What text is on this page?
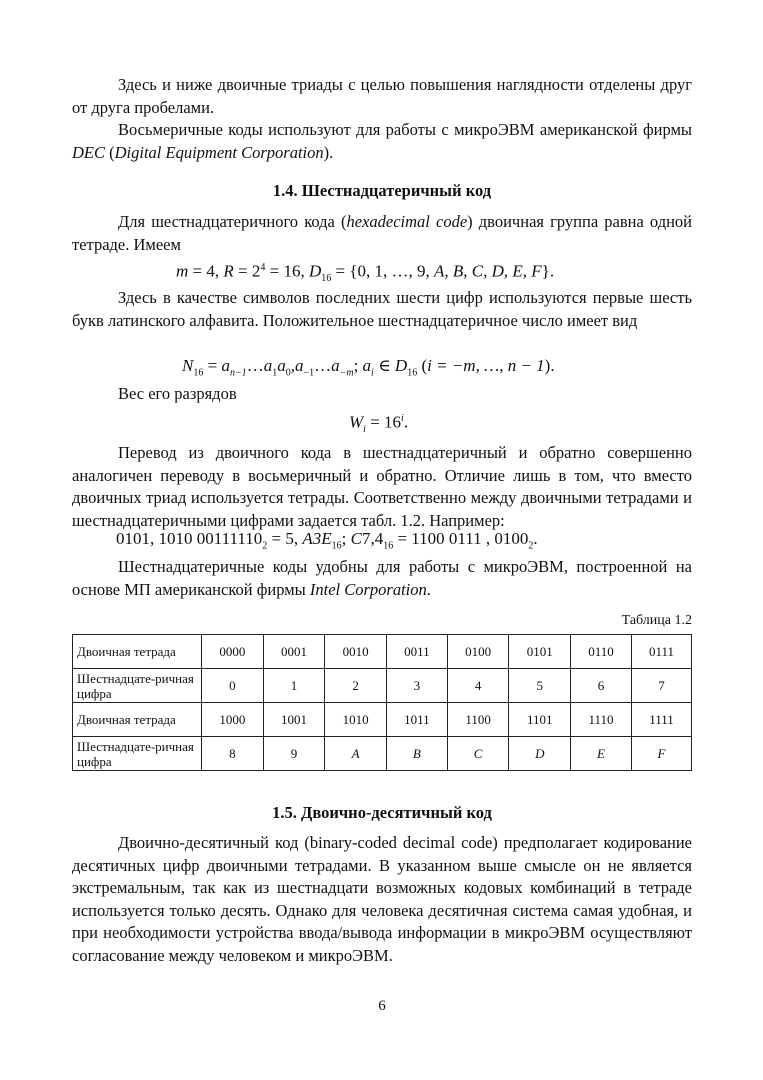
Здесь и ниже двоичные триады с целью повышения наглядности отделены друг от друга пробелами.

Восьмеричные коды используют для работы с микроЭВМ американской фирмы DEC (Digital Equipment Corporation).

1.4. Шестнадцатеричный код

Для шестнадцатеричного кода (hexadecimal code) двоичная группа равна одной тетраде. Имеем

m = 4, $R = 2^4 = 16$, $D_{16} = \{0$, 1, …, 9, A, B, C, D, E, F}.

Здесь в качестве символов последних шести цифр используются первые шесть букв латинского алфавита. Положительное шестнадцатеричное число имеет вид

$N_{16}$ = $a_{n-1}\dots a_1a_0,a_{-1}\dots a_{-m}$; $a_i$ ∈ $D_{16}$ (i = −m, …, n − 1).

Вес его разрядов

$W_i = 16^i$.

Перевод из двоичного кода в шестнадцатеричный и обратно совершенно аналогичен переводу в восьмеричный и обратно. Отличие лишь в том, что вместо двоичных триад используется тетрады. Соответственно между двоичными тетрадами и шестнадцатеричными цифрами задается табл. 1.2. Например:

0101, 1010 $00111110_2 = 5$, $A3E_{16}$; $C7,4_{16} = 1100$ 0111 , $0100_2$.

Шестнадцатеричные коды удобны для работы с микроЭВМ, построенной на основе МП американской фирмы Intel Corporation.

Таблица 1.2

Двоичная тетрада	0000	0001	0010	0011	0100	0101	0110	0111
Шестнадцате-ричная цифра	0	1	2	3	4	5	6	7
Двоичная тетрада	1000	1001	1010	1011	1100	1101	1110	1111
Шестнадцате-ричная цифра	8	9	A	B	C	D	E	F
1.5. Двоично-десятичный код

Двоично-десятичный код (binary-coded decimal code) предполагает кодирование десятичных цифр двоичными тетрадами. В указанном выше смысле он не является экстремальным, так как из шестнадцати возможных кодовых комбинаций в тетраде используется только десять. Однако для человека десятичная система самая удобная, и при необходимости устройства ввода/вывода информации в микроЭВМ осуществляют согласование между человеком и микроЭВМ.

6
